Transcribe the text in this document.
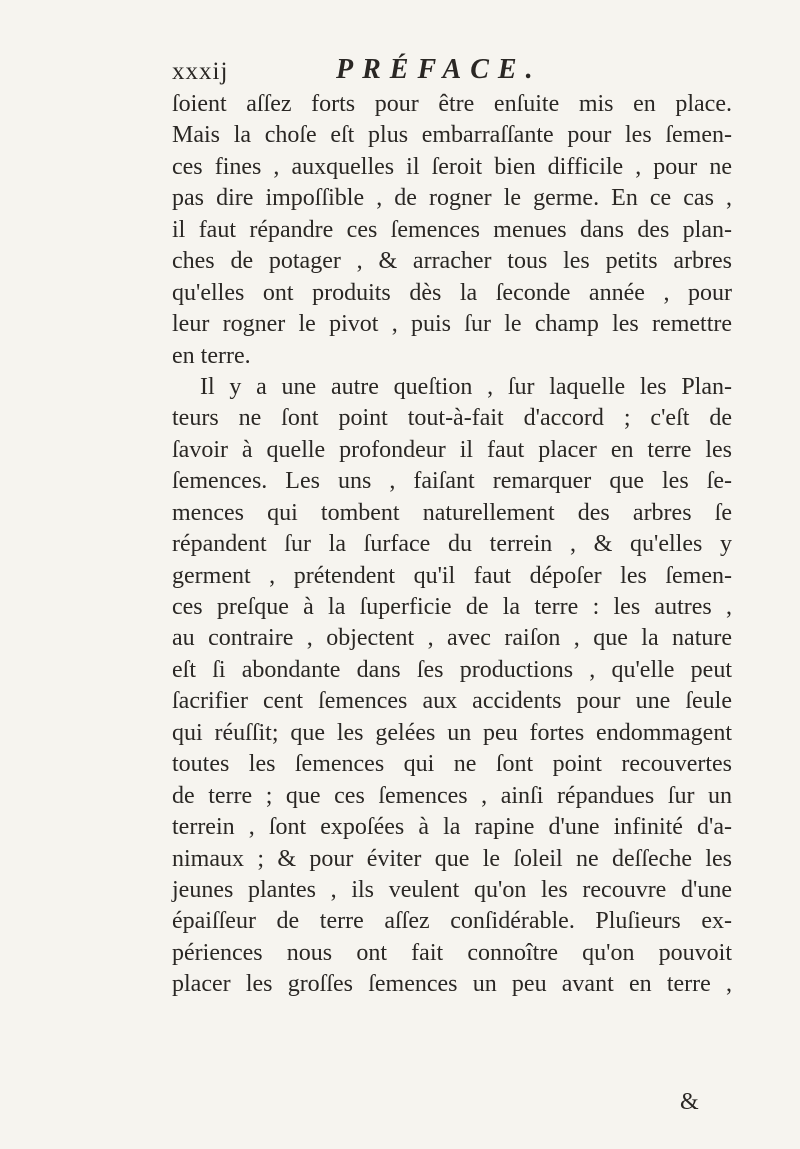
xxxij	PRÉFACE.
ſoient aſſez forts pour être enſuite mis en place.
Mais la choſe eſt plus embarraſſante pour les ſemen-
ces fines , auxquelles il ſeroit bien difficile , pour ne
pas dire impoſſible , de rogner le germe. En ce cas ,
il faut répandre ces ſemences menues dans des plan-
ches de potager , & arracher tous les petits arbres
qu'elles ont produits dès la ſeconde année , pour
leur rogner le pivot , puis ſur le champ les remettre
en terre.
Il y a une autre queſtion , ſur laquelle les Plan-
teurs ne ſont point tout-à-fait d'accord ; c'eſt de
ſavoir à quelle profondeur il faut placer en terre les
ſemences. Les uns , faiſant remarquer que les ſe-
mences qui tombent naturellement des arbres ſe
répandent ſur la ſurface du terrein , & qu'elles y
germent , prétendent qu'il faut dépoſer les ſemen-
ces preſque à la ſuperficie de la terre : les autres ,
au contraire , objectent , avec raiſon , que la nature
eſt ſi abondante dans ſes productions , qu'elle peut
ſacrifier cent ſemences aux accidents pour une ſeule
qui réuſſit; que les gelées un peu fortes endommagent
toutes les ſemences qui ne ſont point recouvertes
de terre ; que ces ſemences , ainſi répandues ſur un
terrein , ſont expoſées à la rapine d'une infinité d'a-
nimaux ; & pour éviter que le ſoleil ne deſſeche les
jeunes plantes , ils veulent qu'on les recouvre d'une
épaiſſeur de terre aſſez conſidérable. Pluſieurs ex-
périences nous ont fait connoître qu'on pouvoit
placer les groſſes ſemences un peu avant en terre ,
&
